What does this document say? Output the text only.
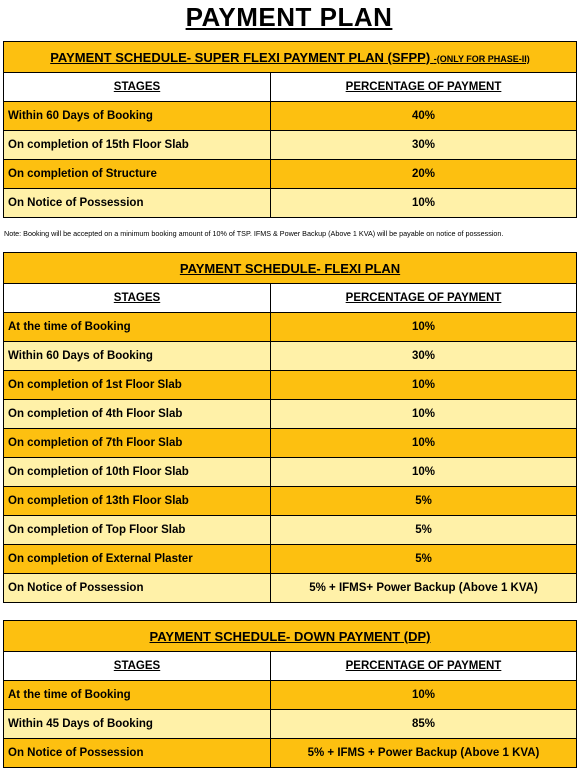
PAYMENT PLAN
PAYMENT SCHEDULE- SUPER FLEXI PAYMENT PLAN (SFPP) -(ONLY FOR PHASE-II)	
STAGES	PERCENTAGE OF PAYMENT
Within 60 Days of Booking	40%
On completion of 15th Floor Slab	30%
On completion of Structure	20%
On Notice of Possession	10%
Note: Booking will be accepted on a minimum booking amount of 10% of TSP. IFMS & Power Backup (Above 1 KVA) will be payable on notice of possession.
PAYMENT SCHEDULE- FLEXI PLAN	
STAGES	PERCENTAGE OF PAYMENT
At the time of Booking	10%
Within 60 Days of Booking	30%
On completion of 1st Floor Slab	10%
On completion of 4th Floor Slab	10%
On completion of 7th Floor Slab	10%
On completion of 10th Floor Slab	10%
On completion of 13th Floor Slab	5%
On completion of Top Floor Slab	5%
On completion of External Plaster	5%
On Notice of Possession	5% + IFMS+ Power Backup (Above 1 KVA)
PAYMENT SCHEDULE- DOWN PAYMENT (DP)	
STAGES	PERCENTAGE OF PAYMENT
At the time of Booking	10%
Within 45 Days of Booking	85%
On Notice of Possession	5% + IFMS + Power Backup (Above 1 KVA)
